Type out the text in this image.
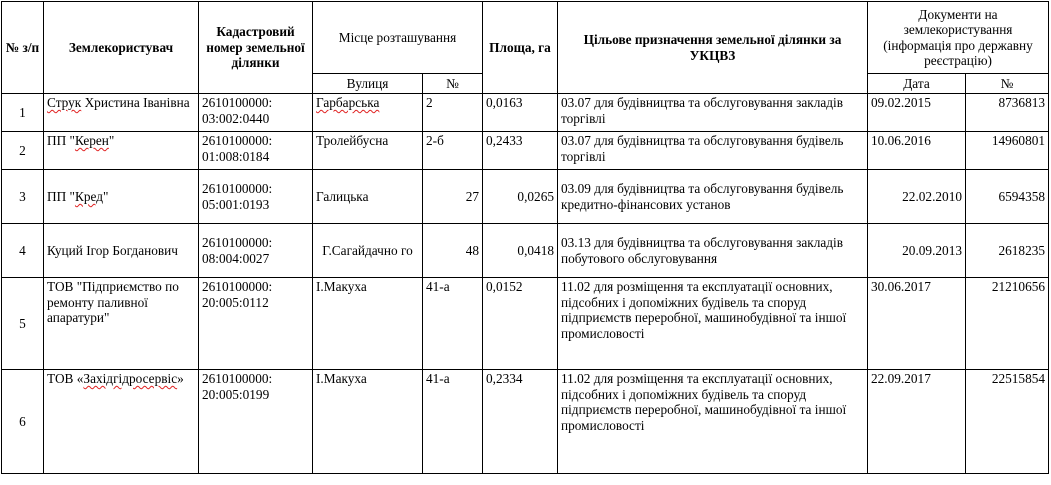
№ з/п	Землекористувач	Кадастровий номер земельної ділянки	Місце розташування		Площа, га	Цільове призначення земельної ділянки за УКЦВЗ	Документи на землекористування (інформація про державну реєстрацію)	
			Вулиця	№			Дата	№
1	Струк Христина Іванівна	2610100000: 03:002:0440	Гарбарська	2	0,0163	03.07 для будівництва та обслуговування закладів торгівлі	09.02.2015	8736813
2	ПП "Керен"	2610100000: 01:008:0184	Тролейбусна	2-б	0,2433	03.07 для будівництва та обслуговування будівель торгівлі	10.06.2016	14960801
3	ПП "Кред"	2610100000: 05:001:0193	Галицька	27	0,0265	03.09 для будівництва та обслуговування будівель кредитно-фінансових установ	22.02.2010	6594358
4	Куций Ігор Богданович	2610100000: 08:004:0027	Г.Сагайдачно го	48	0,0418	03.13 для будівництва та обслуговування закладів побутового обслуговування	20.09.2013	2618235
5	ТОВ "Підприємство по ремонту паливної апаратури"	2610100000: 20:005:0112	І.Макуха	41-а	0,0152	11.02 для розміщення та експлуатації основних, підсобних і допоміжних будівель та споруд підприємств переробної, машинобудівної та іншої промисловості	30.06.2017	21210656
6	ТОВ «Західгідросервіс»	2610100000: 20:005:0199	І.Макуха	41-а	0,2334	11.02 для розміщення та експлуатації основних, підсобних і допоміжних будівель та споруд підприємств переробної, машинобудівної та іншої промисловості	22.09.2017	22515854
